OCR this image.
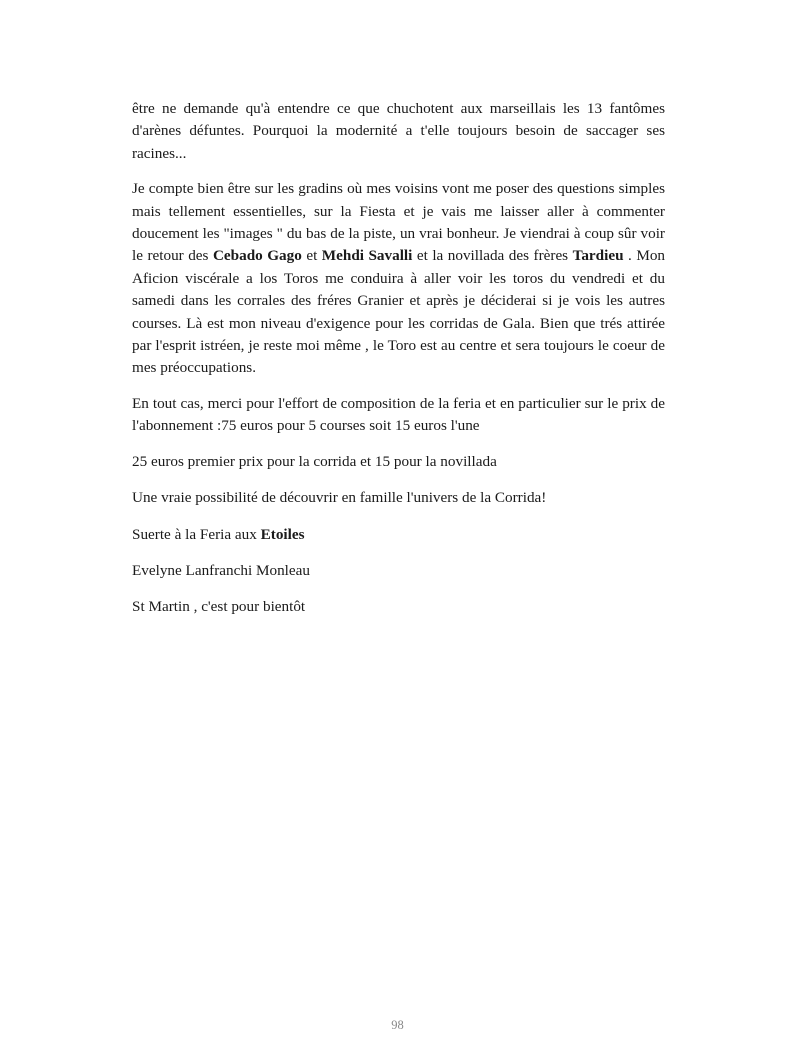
être ne demande qu'à entendre ce que chuchotent aux marseillais les 13 fantômes d'arènes défuntes. Pourquoi la modernité a t'elle toujours besoin de saccager ses racines...

Je compte bien être sur les gradins où mes voisins vont me poser des questions simples mais tellement essentielles, sur la Fiesta et je vais me laisser aller à commenter doucement les "images " du bas de la piste, un vrai bonheur. Je viendrai à coup sûr voir le retour des Cebado Gago et Mehdi Savalli et la novillada des frères Tardieu . Mon Aficion viscérale a los Toros me conduira à aller voir les toros du vendredi et du samedi dans les corrales des fréres Granier et après je déciderai si je vois les autres courses. Là est mon niveau d'exigence pour les corridas de Gala. Bien que trés attirée par l'esprit istréen, je reste moi même , le Toro est au centre et sera toujours le coeur de mes préoccupations.

En tout cas, merci pour l'effort de composition de la feria et en particulier sur le prix de l'abonnement :75 euros pour 5 courses soit 15 euros l'une

25 euros premier prix pour la corrida et 15 pour la novillada

Une vraie possibilité de découvrir en famille l'univers de la Corrida!

Suerte à la Feria aux Etoiles

Evelyne Lanfranchi Monleau

St Martin , c'est pour bientôt

98
